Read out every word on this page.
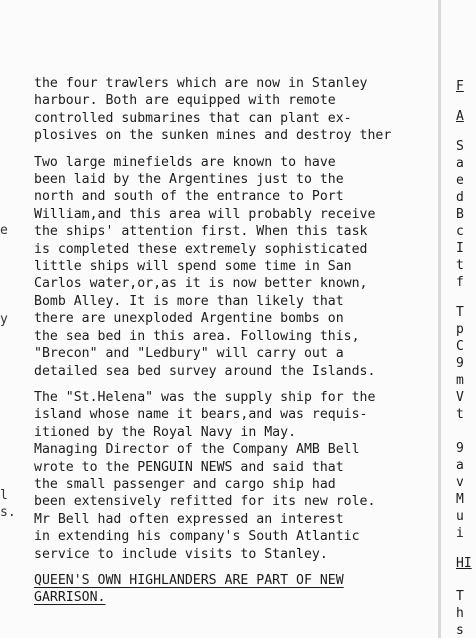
e
y
l
s.
the four trawlers which are now in Stanley
harbour. Both are equipped with remote
controlled submarines that can plant ex-
plosives on the sunken mines and destroy ther
Two large minefields are known to have
been laid by the Argentines just to the
north and south of the entrance to Port
William,and this area will probably receive
the ships' attention first. When this task
is completed these extremely sophisticated
little ships will spend some time in San
Carlos water,or,as it is now better known,
Bomb Alley. It is more than likely that
there are unexploded Argentine bombs on
the sea bed in this area. Following this,
"Brecon" and "Ledbury" will carry out a
detailed sea bed survey around the Islands.
The "St.Helena" was the supply ship for the
island whose name it bears,and was requis-
itioned by the Royal Navy in May.
Managing Director of the Company AMB Bell
wrote to the PENGUIN NEWS and said that
the small passenger and cargo ship had
been extensively refitted for its new role.
Mr Bell had often expressed an interest
in extending his company's South Atlantic
service to include visits to Stanley.
QUEEN'S OWN HIGHLANDERS ARE PART OF NEW
GARRISON.
F
A
S
a
e
d
B
c
I
t
f
T
p
C
9
m
V
t
9
a
v
M
u
i
HI
T
h
s
